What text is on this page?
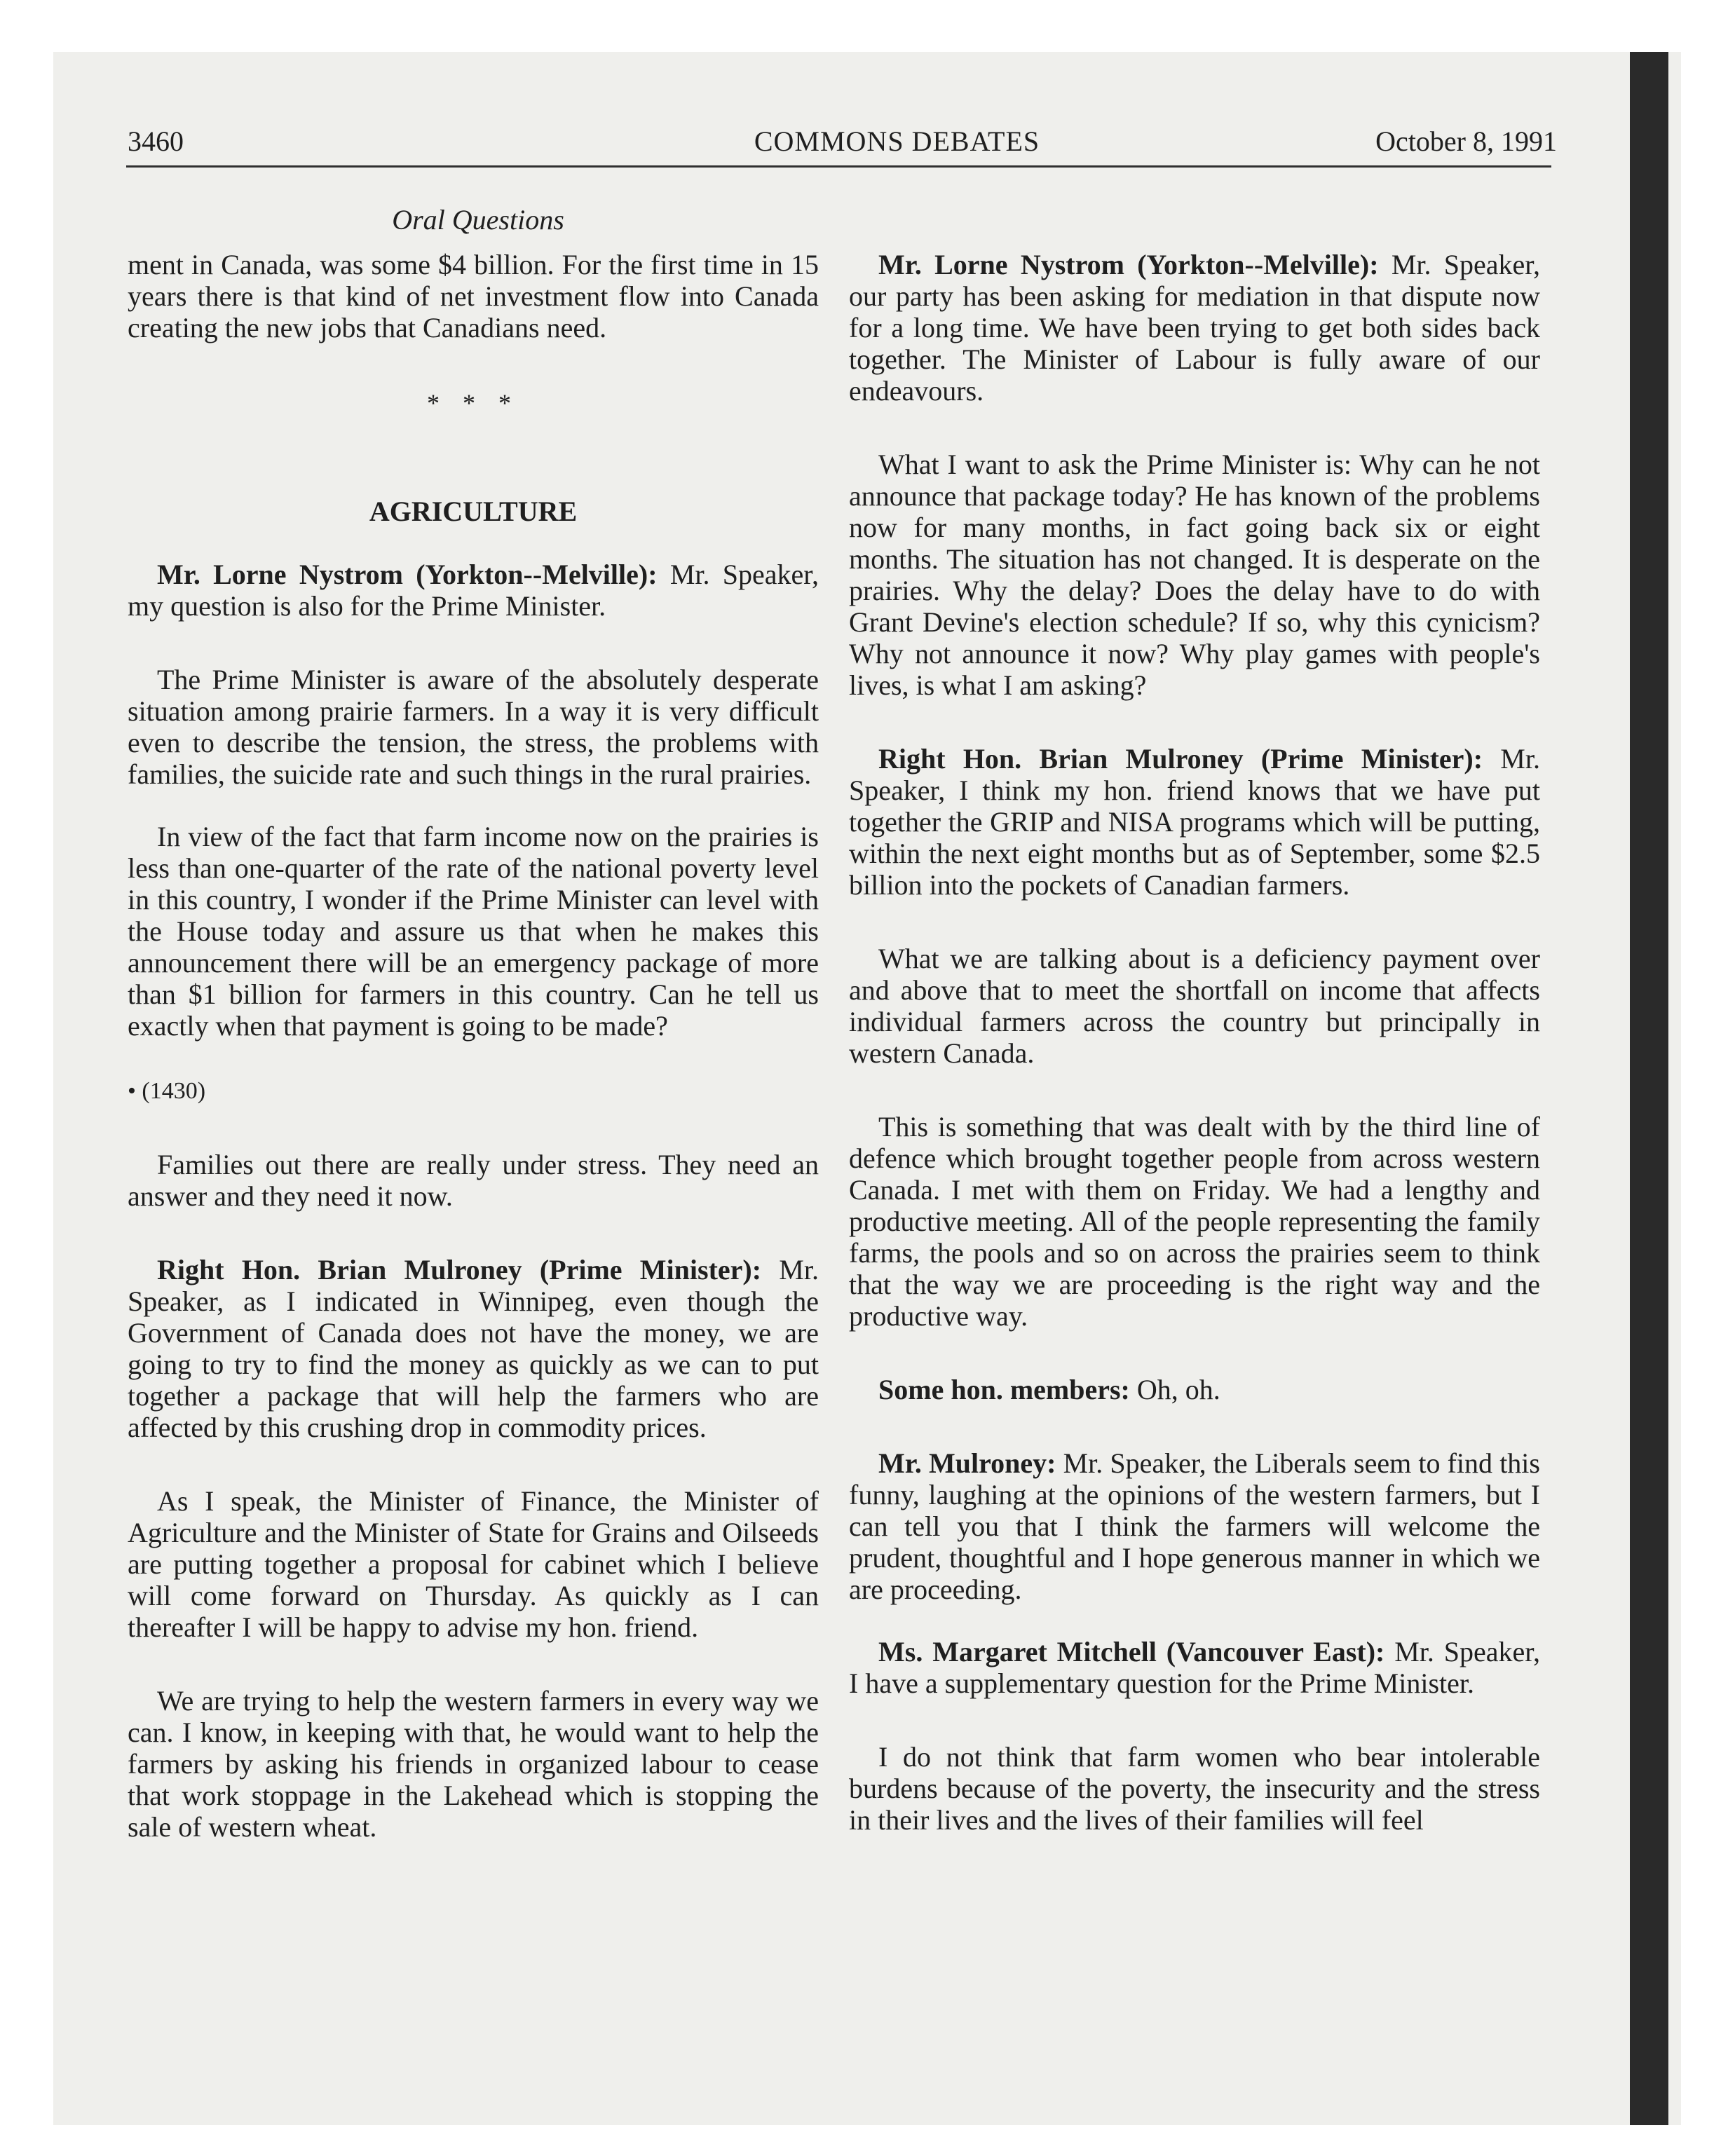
3460	COMMONS DEBATES	October 8, 1991
Oral Questions

ment in Canada, was some $4 billion. For the first time in 15 years there is that kind of net investment flow into Canada creating the new jobs that Canadians need.

* * *

AGRICULTURE

Mr. Lorne Nystrom (Yorkton--Melville): Mr. Speaker, my question is also for the Prime Minister.

The Prime Minister is aware of the absolutely desperate situation among prairie farmers. In a way it is very difficult even to describe the tension, the stress, the problems with families, the suicide rate and such things in the rural prairies.

In view of the fact that farm income now on the prairies is less than one-quarter of the rate of the national poverty level in this country, I wonder if the Prime Minister can level with the House today and assure us that when he makes this announcement there will be an emergency package of more than $1 billion for farmers in this country. Can he tell us exactly when that payment is going to be made?

• (1430)

Families out there are really under stress. They need an answer and they need it now.

Right Hon. Brian Mulroney (Prime Minister): Mr. Speaker, as I indicated in Winnipeg, even though the Government of Canada does not have the money, we are going to try to find the money as quickly as we can to put together a package that will help the farmers who are affected by this crushing drop in commodity prices.

As I speak, the Minister of Finance, the Minister of Agriculture and the Minister of State for Grains and Oilseeds are putting together a proposal for cabinet which I believe will come forward on Thursday. As quickly as I can thereafter I will be happy to advise my hon. friend.

We are trying to help the western farmers in every way we can. I know, in keeping with that, he would want to help the farmers by asking his friends in organized labour to cease that work stoppage in the Lakehead which is stopping the sale of western wheat.

Mr. Lorne Nystrom (Yorkton--Melville): Mr. Speaker, our party has been asking for mediation in that dispute now for a long time. We have been trying to get both sides back together. The Minister of Labour is fully aware of our endeavours.

What I want to ask the Prime Minister is: Why can he not announce that package today? He has known of the problems now for many months, in fact going back six or eight months. The situation has not changed. It is desperate on the prairies. Why the delay? Does the delay have to do with Grant Devine's election schedule? If so, why this cynicism? Why not announce it now? Why play games with people's lives, is what I am asking?

Right Hon. Brian Mulroney (Prime Minister): Mr. Speaker, I think my hon. friend knows that we have put together the GRIP and NISA programs which will be putting, within the next eight months but as of September, some $2.5 billion into the pockets of Canadian farmers.

What we are talking about is a deficiency payment over and above that to meet the shortfall on income that affects individual farmers across the country but principally in western Canada.

This is something that was dealt with by the third line of defence which brought together people from across western Canada. I met with them on Friday. We had a lengthy and productive meeting. All of the people representing the family farms, the pools and so on across the prairies seem to think that the way we are proceeding is the right way and the productive way.

Some hon. members: Oh, oh.

Mr. Mulroney: Mr. Speaker, the Liberals seem to find this funny, laughing at the opinions of the western farmers, but I can tell you that I think the farmers will welcome the prudent, thoughtful and I hope generous manner in which we are proceeding.

Ms. Margaret Mitchell (Vancouver East): Mr. Speaker, I have a supplementary question for the Prime Minister.

I do not think that farm women who bear intolerable burdens because of the poverty, the insecurity and the stress in their lives and the lives of their families will feel
